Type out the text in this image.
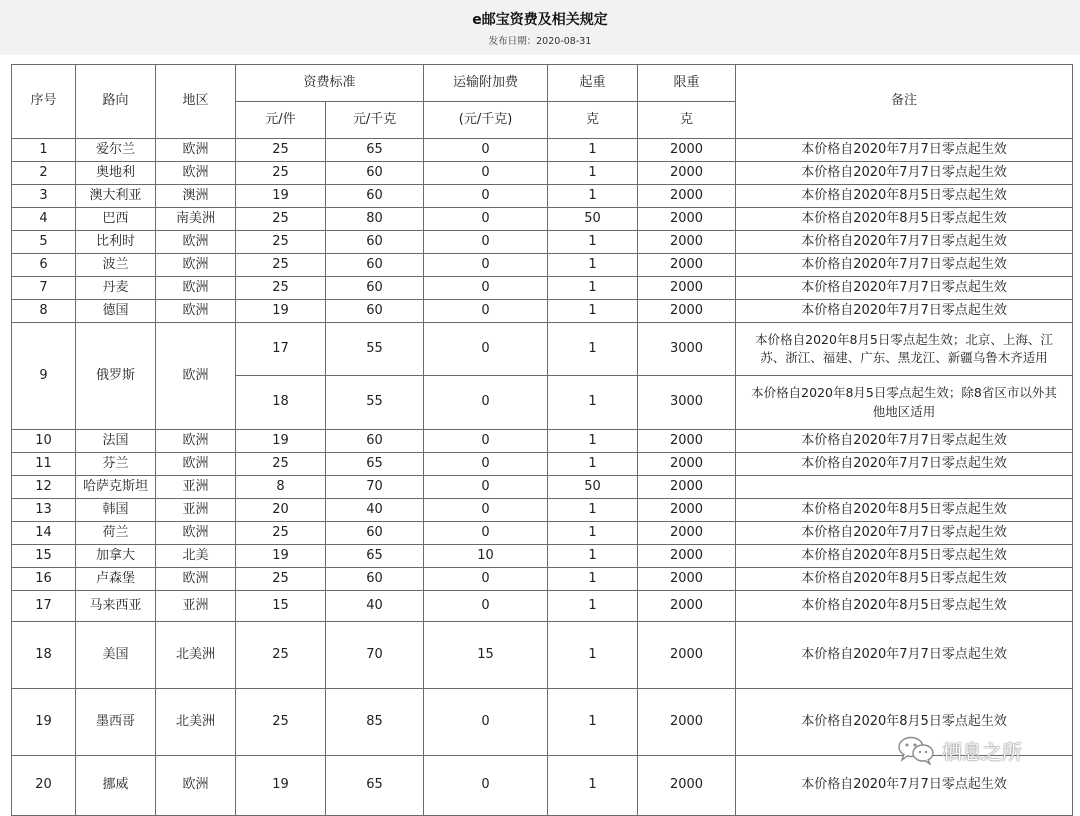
e邮宝资费及相关规定
发布日期：2020-08-31
序号	路向	地区	资费标准		运输附加费	起重	限重	备注
			元/件	元/千克	(元/千克)	克	克	
1	爱尔兰	欧洲	25	65	0	1	2000	本价格自2020年7月7日零点起生效
2	奥地利	欧洲	25	60	0	1	2000	本价格自2020年7月7日零点起生效
3	澳大利亚	澳洲	19	60	0	1	2000	本价格自2020年8月5日零点起生效
4	巴西	南美洲	25	80	0	50	2000	本价格自2020年8月5日零点起生效
5	比利时	欧洲	25	60	0	1	2000	本价格自2020年7月7日零点起生效
6	波兰	欧洲	25	60	0	1	2000	本价格自2020年7月7日零点起生效
7	丹麦	欧洲	25	60	0	1	2000	本价格自2020年7月7日零点起生效
8	德国	欧洲	19	60	0	1	2000	本价格自2020年7月7日零点起生效
9	俄罗斯	欧洲	17	55	0	1	3000	本价格自2020年8月5日零点起生效；北京、上海、江
苏、浙江、福建、广东、黑龙江、新疆乌鲁木齐适用

			18	55	0	1	3000	本价格自2020年8月5日零点起生效；除8省区市以外其
他地区适用

10	法国	欧洲	19	60	0	1	2000	本价格自2020年7月7日零点起生效
11	芬兰	欧洲	25	65	0	1	2000	本价格自2020年7月7日零点起生效
12	哈萨克斯坦	亚洲	8	70	0	50	2000	
13	韩国	亚洲	20	40	0	1	2000	本价格自2020年8月5日零点起生效
14	荷兰	欧洲	25	60	0	1	2000	本价格自2020年7月7日零点起生效
15	加拿大	北美	19	65	10	1	2000	本价格自2020年8月5日零点起生效
16	卢森堡	欧洲	25	60	0	1	2000	本价格自2020年8月5日零点起生效
17	马来西亚	亚洲	15	40	0	1	2000	本价格自2020年8月5日零点起生效
18	美国	北美洲	25	70	15	1	2000	本价格自2020年7月7日零点起生效
19	墨西哥	北美洲	25	85	0	1	2000	本价格自2020年8月5日零点起生效
20	挪威	欧洲	19	65	0	1	2000	本价格自2020年7月7日零点起生效
栖息之所
